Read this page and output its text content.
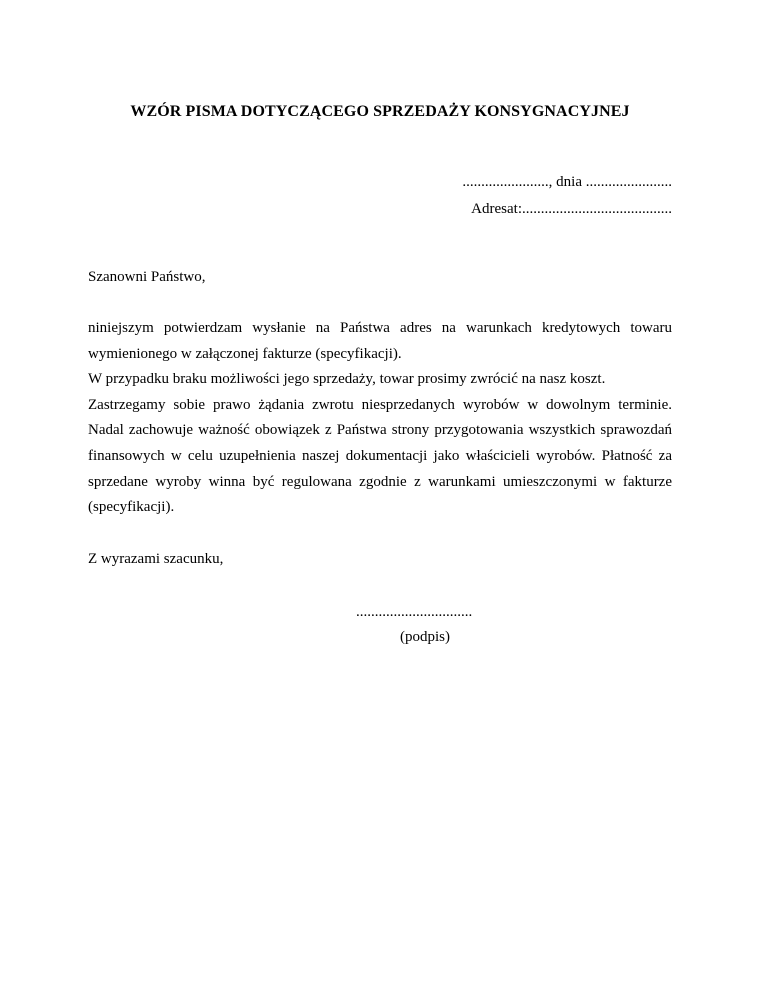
WZÓR PISMA DOTYCZĄCEGO SPRZEDAŻY KONSYGNACYJNEJ
......................., dnia .......................
Adresat:........................................
Szanowni Państwo,

niniejszym potwierdzam wysłanie na Państwa adres na warunkach kredytowych towaru wymienionego w załączonej fakturze (specyfikacji).

W przypadku braku możliwości jego sprzedaży, towar prosimy zwrócić na nasz koszt.

Zastrzegamy sobie prawo żądania zwrotu niesprzedanych wyrobów w dowolnym terminie. Nadal zachowuje ważność obowiązek z Państwa strony przygotowania wszystkich sprawozdań finansowych w celu uzupełnienia naszej dokumentacji jako właścicieli wyrobów. Płatność za sprzedane wyroby winna być regulowana zgodnie z warunkami umieszczonymi w fakturze (specyfikacji).

Z wyrazami szacunku,
...............................
(podpis)
